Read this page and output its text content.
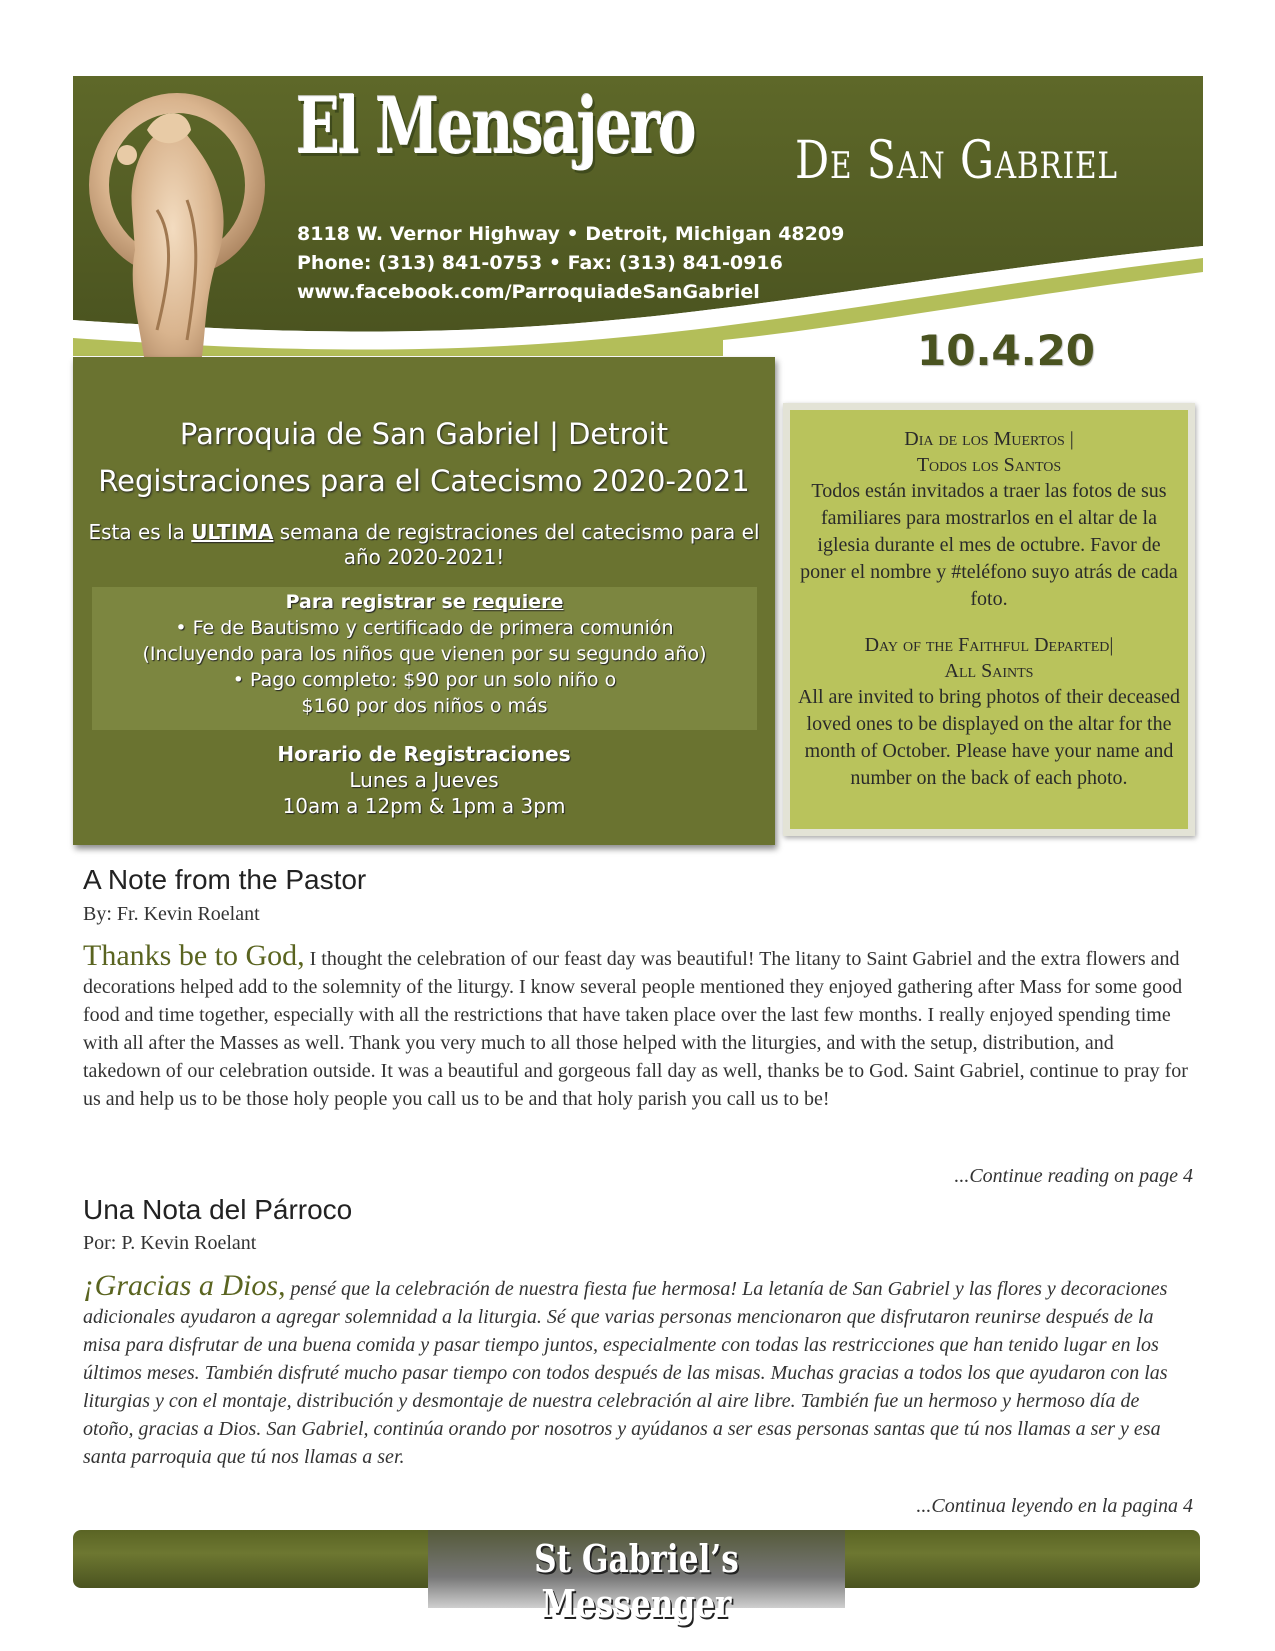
El Mensajero De San Gabriel
8118 W. Vernor Highway • Detroit, Michigan 48209
Phone: (313) 841-0753 • Fax: (313) 841-0916
www.facebook.com/ParroquiadeSanGabriel
10.4.20
Parroquia de San Gabriel | Detroit
Registraciones para el Catecismo 2020-2021
Esta es la ULTIMA semana de registraciones del catecismo para el año 2020-2021!
Para registrar se requiere
• Fe de Bautismo y certificado de primera comunión
(Incluyendo para los niños que vienen por su segundo año)
• Pago completo: $90 por un solo niño o
$160 por dos niños o más
Horario de Registraciones
Lunes a Jueves
10am a 12pm & 1pm a 3pm
Dia de los Muertos |
Todos los Santos
Todos están invitados a traer las fotos de sus familiares para mostrarlos en el altar de la iglesia durante el mes de octubre. Favor de poner el nombre y #teléfono suyo atrás de cada foto.
Day of the Faithful Departed|
All Saints
All are invited to bring photos of their deceased loved ones to be displayed on the altar for the month of October. Please have your name and number on the back of each photo.
A Note from the Pastor
By: Fr. Kevin Roelant
Thanks be to God, I thought the celebration of our feast day was beautiful! The litany to Saint Gabriel and the extra flowers and decorations helped add to the solemnity of the liturgy. I know several people mentioned they enjoyed gathering after Mass for some good food and time together, especially with all the restrictions that have taken place over the last few months. I really enjoyed spending time with all after the Masses as well. Thank you very much to all those helped with the liturgies, and with the setup, distribution, and takedown of our celebration outside. It was a beautiful and gorgeous fall day as well, thanks be to God. Saint Gabriel, continue to pray for us and help us to be those holy people you call us to be and that holy parish you call us to be!
...Continue reading on page 4
Una Nota del Párroco
Por: P. Kevin Roelant
¡Gracias a Dios, pensé que la celebración de nuestra fiesta fue hermosa! La letanía de San Gabriel y las flores y decoraciones adicionales ayudaron a agregar solemnidad a la liturgia. Sé que varias personas mencionaron que disfrutaron reunirse después de la misa para disfrutar de una buena comida y pasar tiempo juntos, especialmente con todas las restricciones que han tenido lugar en los últimos meses. También disfruté mucho pasar tiempo con todos después de las misas. Muchas gracias a todos los que ayudaron con las liturgias y con el montaje, distribución y desmontaje de nuestra celebración al aire libre. También fue un hermoso y hermoso día de otoño, gracias a Dios. San Gabriel, continúa orando por nosotros y ayúdanos a ser esas personas santas que tú nos llamas a ser y esa santa parroquia que tú nos llamas a ser.
...Continua leyendo en la pagina 4
St Gabriel’s Messenger
